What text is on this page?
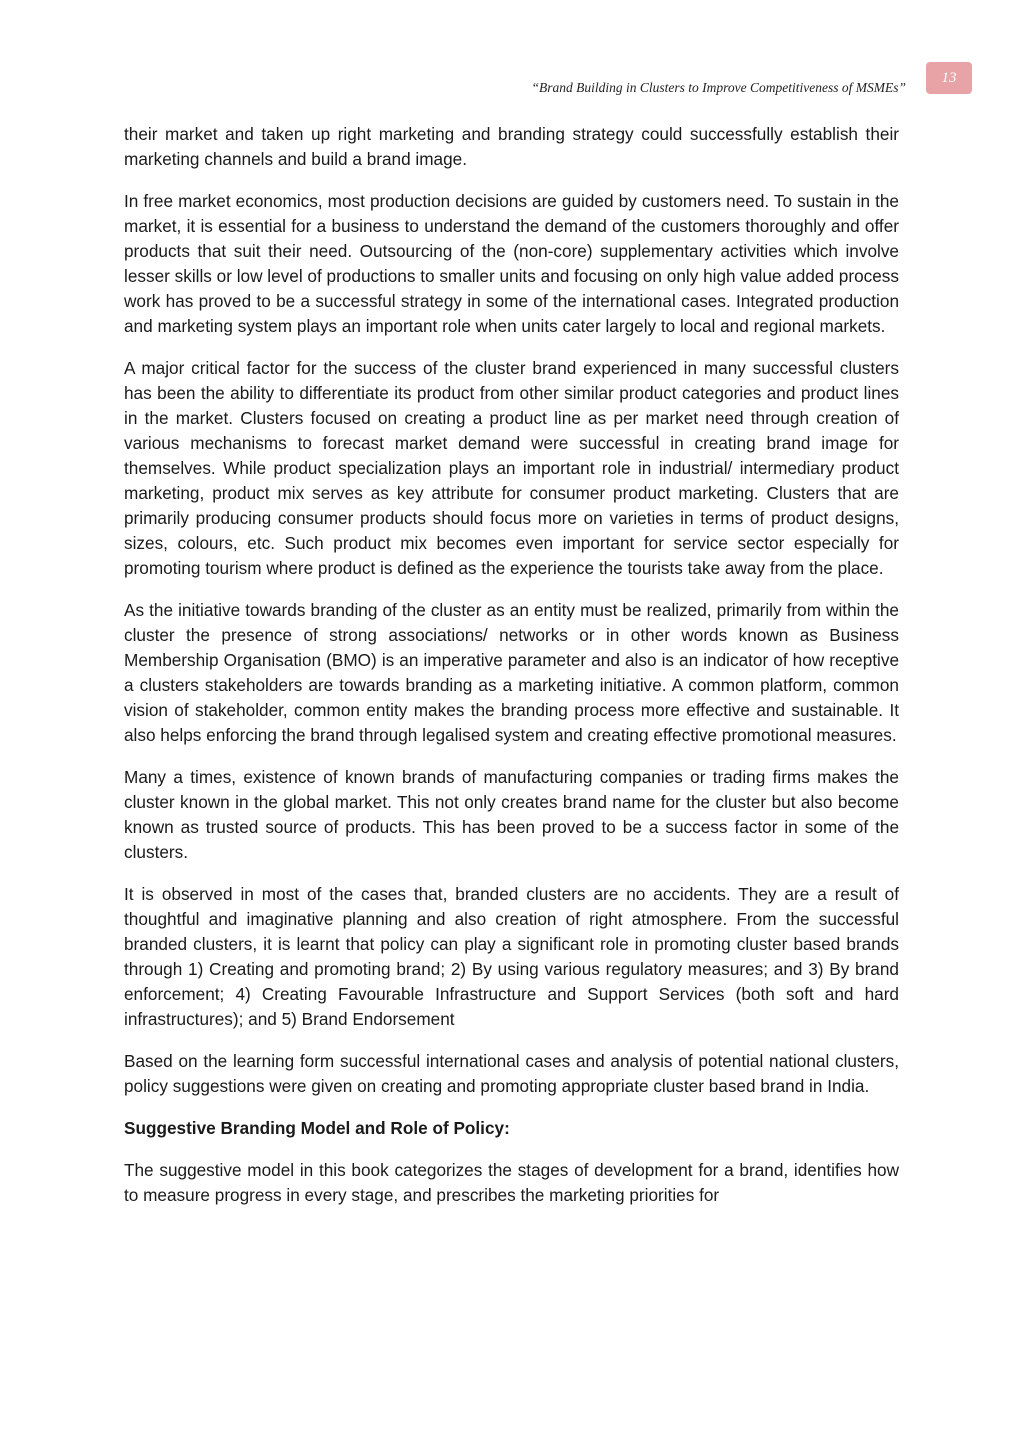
“Brand Building in Clusters to Improve Competitiveness of MSMEs”
13

their market and taken up right marketing and branding strategy could successfully establish their marketing channels and build a brand image.

In free market economics, most production decisions are guided by customers need. To sustain in the market, it is essential for a business to understand the demand of the customers thoroughly and offer products that suit their need. Outsourcing of the (non-core) supplementary activities which involve lesser skills or low level of productions to smaller units and focusing on only high value added process work has proved to be a successful strategy in some of the international cases. Integrated production and marketing system plays an important role when units cater largely to local and regional markets.

A major critical factor for the success of the cluster brand experienced in many successful clusters has been the ability to differentiate its product from other similar product categories and product lines in the market. Clusters focused on creating a product line as per market need through creation of various mechanisms to forecast market demand were successful in creating brand image for themselves. While product specialization plays an important role in industrial/ intermediary product marketing, product mix serves as key attribute for consumer product marketing. Clusters that are primarily producing consumer products should focus more on varieties in terms of product designs, sizes, colours, etc. Such product mix becomes even important for service sector especially for promoting tourism where product is defined as the experience the tourists take away from the place.

As the initiative towards branding of the cluster as an entity must be realized, primarily from within the cluster the presence of strong associations/ networks or in other words known as Business Membership Organisation (BMO) is an imperative parameter and also is an indicator of how receptive a clusters stakeholders are towards branding as a marketing initiative. A common platform, common vision of stakeholder, common entity makes the branding process more effective and sustainable. It also helps enforcing the brand through legalised system and creating effective promotional measures.

Many a times, existence of known brands of manufacturing companies or trading firms makes the cluster known in the global market. This not only creates brand name for the cluster but also become known as trusted source of products. This has been proved to be a success factor in some of the clusters.

It is observed in most of the cases that, branded clusters are no accidents. They are a result of thoughtful and imaginative planning and also creation of right atmosphere. From the successful branded clusters, it is learnt that policy can play a significant role in promoting cluster based brands through 1) Creating and promoting brand; 2) By using various regulatory measures; and 3) By brand enforcement; 4) Creating Favourable Infrastructure and Support Services (both soft and hard infrastructures); and 5) Brand Endorsement

Based on the learning form successful international cases and analysis of potential national clusters, policy suggestions were given on creating and promoting appropriate cluster based brand in India.

Suggestive Branding Model and Role of Policy:

The suggestive model in this book categorizes the stages of development for a brand, identifies how to measure progress in every stage, and prescribes the marketing priorities for
